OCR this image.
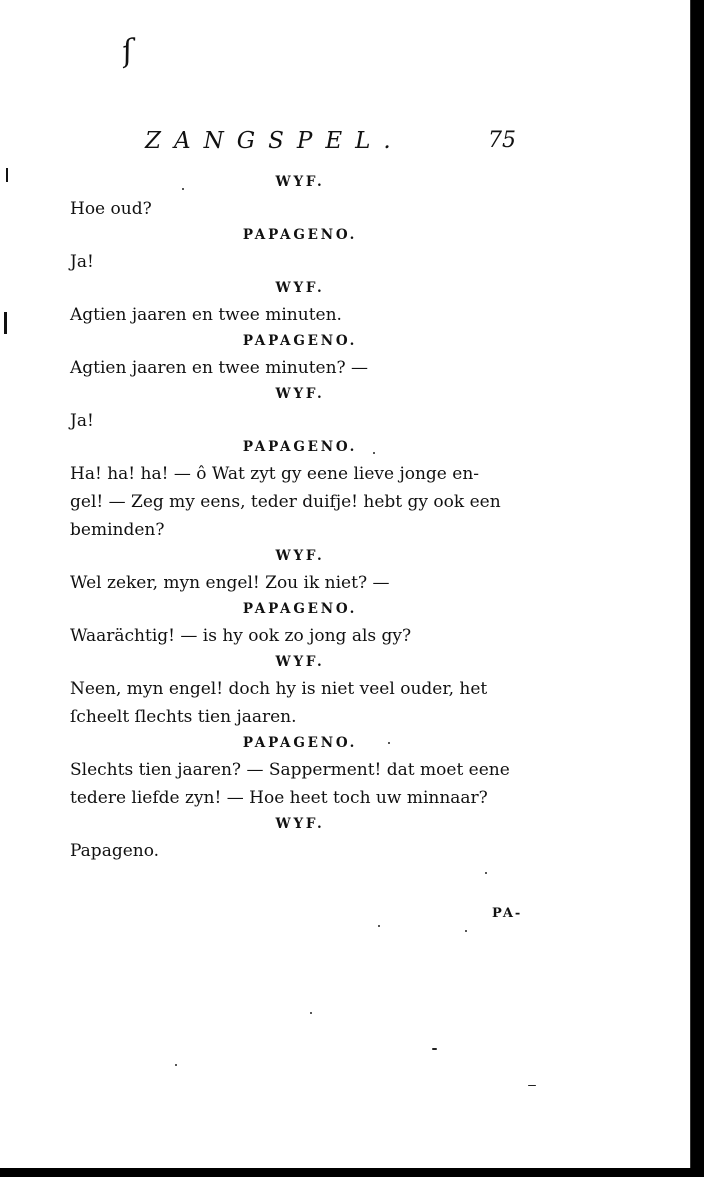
ſ
ZANGSPEL.	75
WYF.
Hoe oud?
PAPAGENO.
Ja!
WYF.
Agtien jaaren en twee minuten.
PAPAGENO.
Agtien jaaren en twee minuten? —
WYF.
Ja!
PAPAGENO.
Ha! ha! ha! — ô Wat zyt gy eene lieve jonge en-
gel! — Zeg my eens, teder duifje! hebt gy ook een
beminden?
WYF.
Wel zeker, myn engel! Zou ik niet? —
PAPAGENO.
Waarächtig! — is hy ook zo jong als gy?
WYF.
Neen, myn engel! doch hy is niet veel ouder, het
ſcheelt ſlechts tien jaaren.
PAPAGENO.
Slechts tien jaaren? — Sapperment! dat moet eene
tedere liefde zyn! — Hoe heet toch uw minnaar?
WYF.
Papageno.
PA-
